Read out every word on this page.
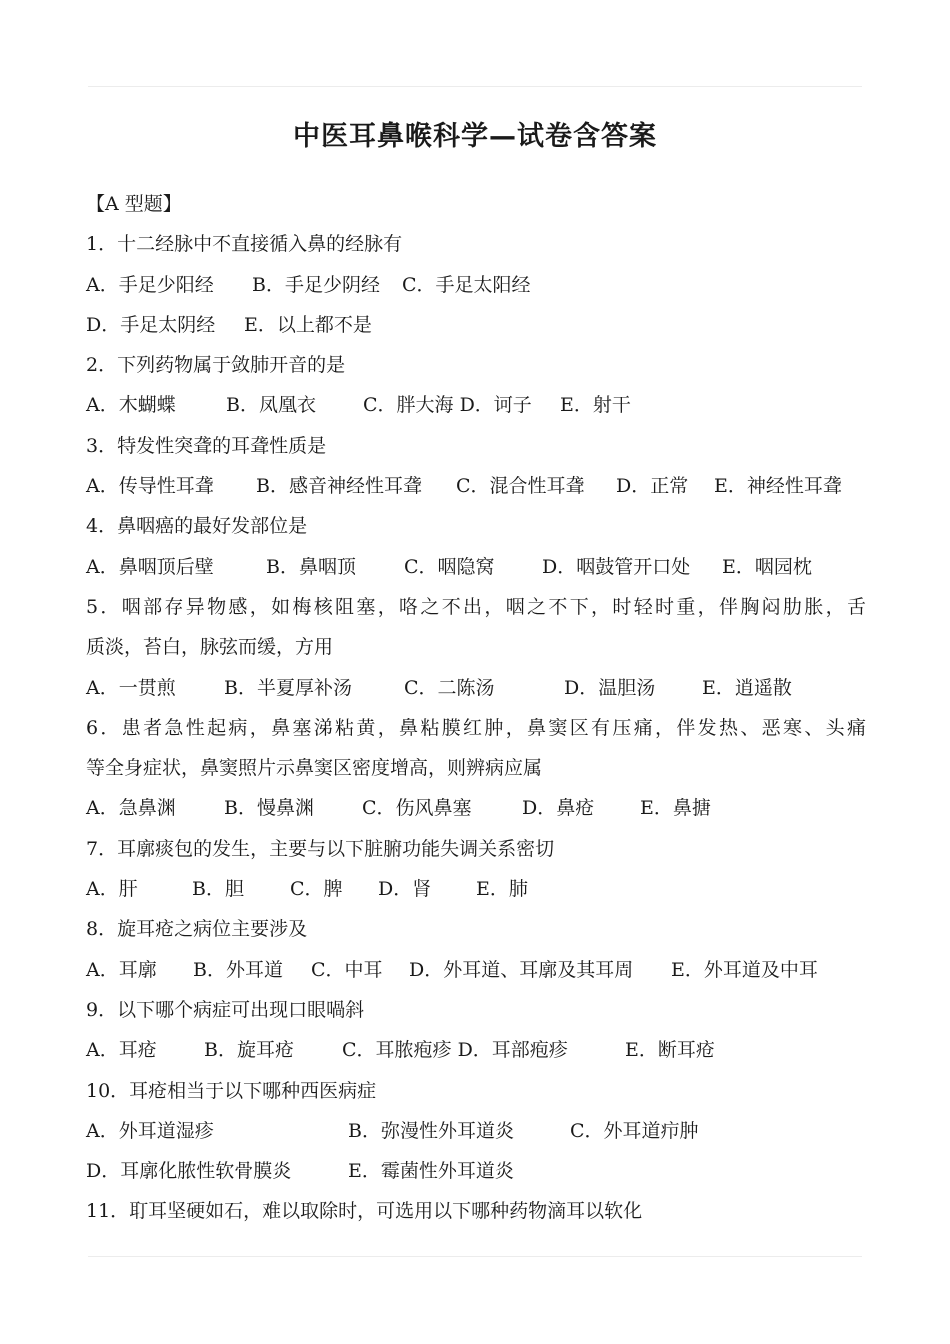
中医耳鼻喉科学—试卷含答案
【A 型题】
1．十二经脉中不直接循入鼻的经脉有
A．手足少阳经 B．手足少阴经 C．手足太阳经
D．手足太阴经 E．以上都不是
2．下列药物属于敛肺开音的是
A．木蝴蝶	B．凤凰衣 C．胖大海 D．诃子 E．射干
3．特发性突聋的耳聋性质是
A．传导性耳聋 B．感音神经性耳聋 C．混合性耳聋 D．正常 E．神经性耳聋
4．鼻咽癌的最好发部位是
A．鼻咽顶后壁	B．鼻咽顶	C．咽隐窝 D．咽鼓管开口处 E．咽园枕
5．咽部存异物感，如梅核阻塞，咯之不出，咽之不下，时轻时重，伴胸闷肋胀，舌
质淡，苔白，脉弦而缓，方用
A．一贯煎	B．半夏厚补汤	C．二陈汤	D．温胆汤 E．逍遥散
6．患者急性起病，鼻塞涕粘黄，鼻粘膜红肿，鼻窦区有压痛，伴发热、恶寒、头痛
等全身症状，鼻窦照片示鼻窦区密度增高，则辨病应属
A．急鼻渊	B．慢鼻渊	C．伤风鼻塞	D．鼻疮 E．鼻搪
7．耳廓痰包的发生，主要与以下脏腑功能失调关系密切
A．肝	B．胆 C．脾 D．肾 E．肺
8．旋耳疮之病位主要涉及
A．耳廓 B．外耳道 C．中耳 D．外耳道、耳廓及其耳周 E．外耳道及中耳
9．以下哪个病症可出现口眼喎斜
A．耳疮 B．旋耳疮	C．耳脓疱疹 D．耳部疱疹	E．断耳疮
10．耳疮相当于以下哪种西医病症
A．外耳道湿疹	B．弥漫性外耳道炎	C．外耳道疖肿
D．耳廓化脓性软骨膜炎	E．霉菌性外耳道炎
11．耵耳坚硬如石，难以取除时，可选用以下哪种药物滴耳以软化
